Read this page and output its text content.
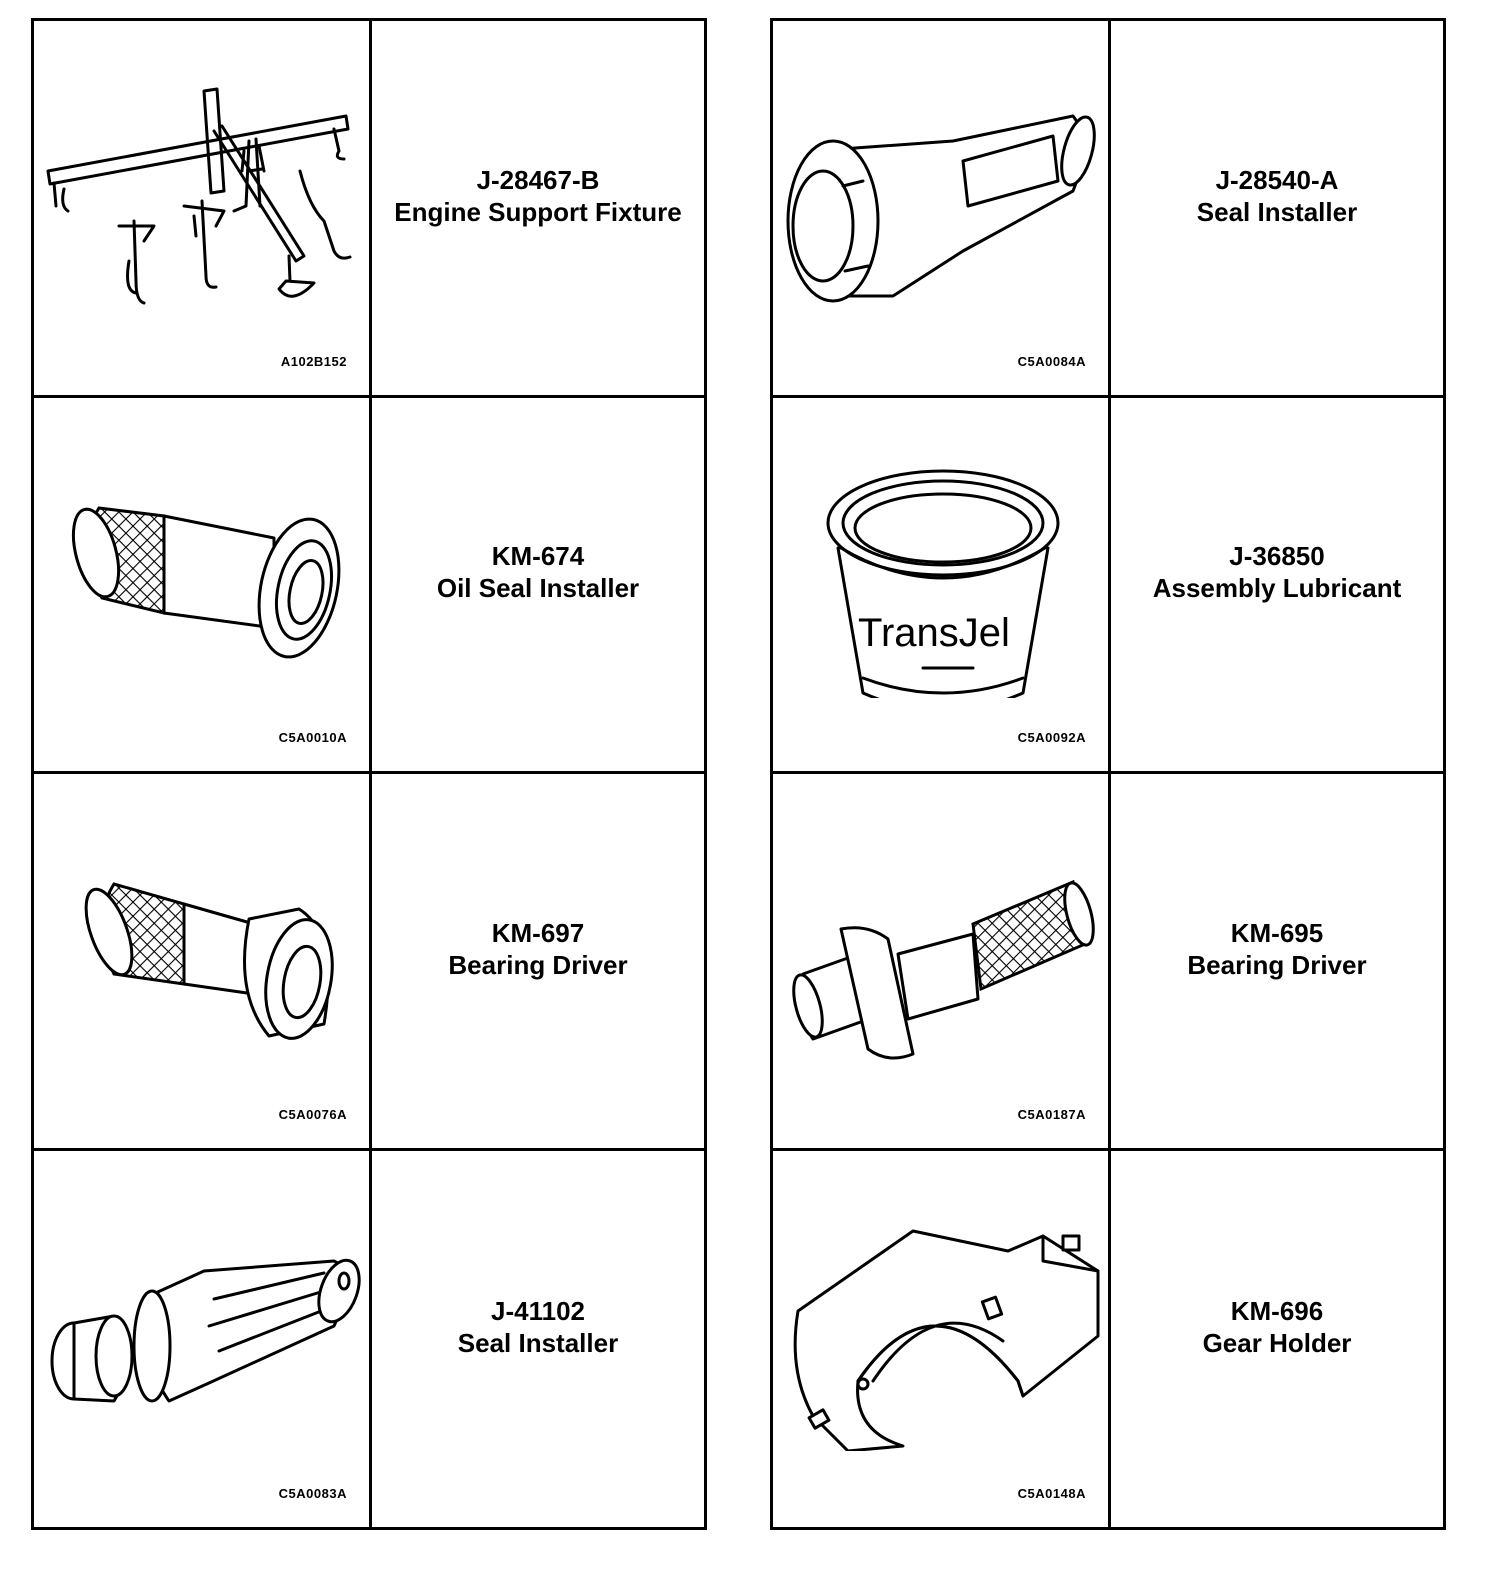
A102B152
J-28467-B
Engine Support Fixture
C5A0010A
KM-674
Oil Seal Installer
C5A0076A
KM-697
Bearing Driver
C5A0083A
J-41102
Seal Installer
C5A0084A
J-28540-A
Seal Installer
TransJel
C5A0092A
J-36850
Assembly Lubricant
C5A0187A
KM-695
Bearing Driver
C5A0148A
KM-696
Gear Holder
